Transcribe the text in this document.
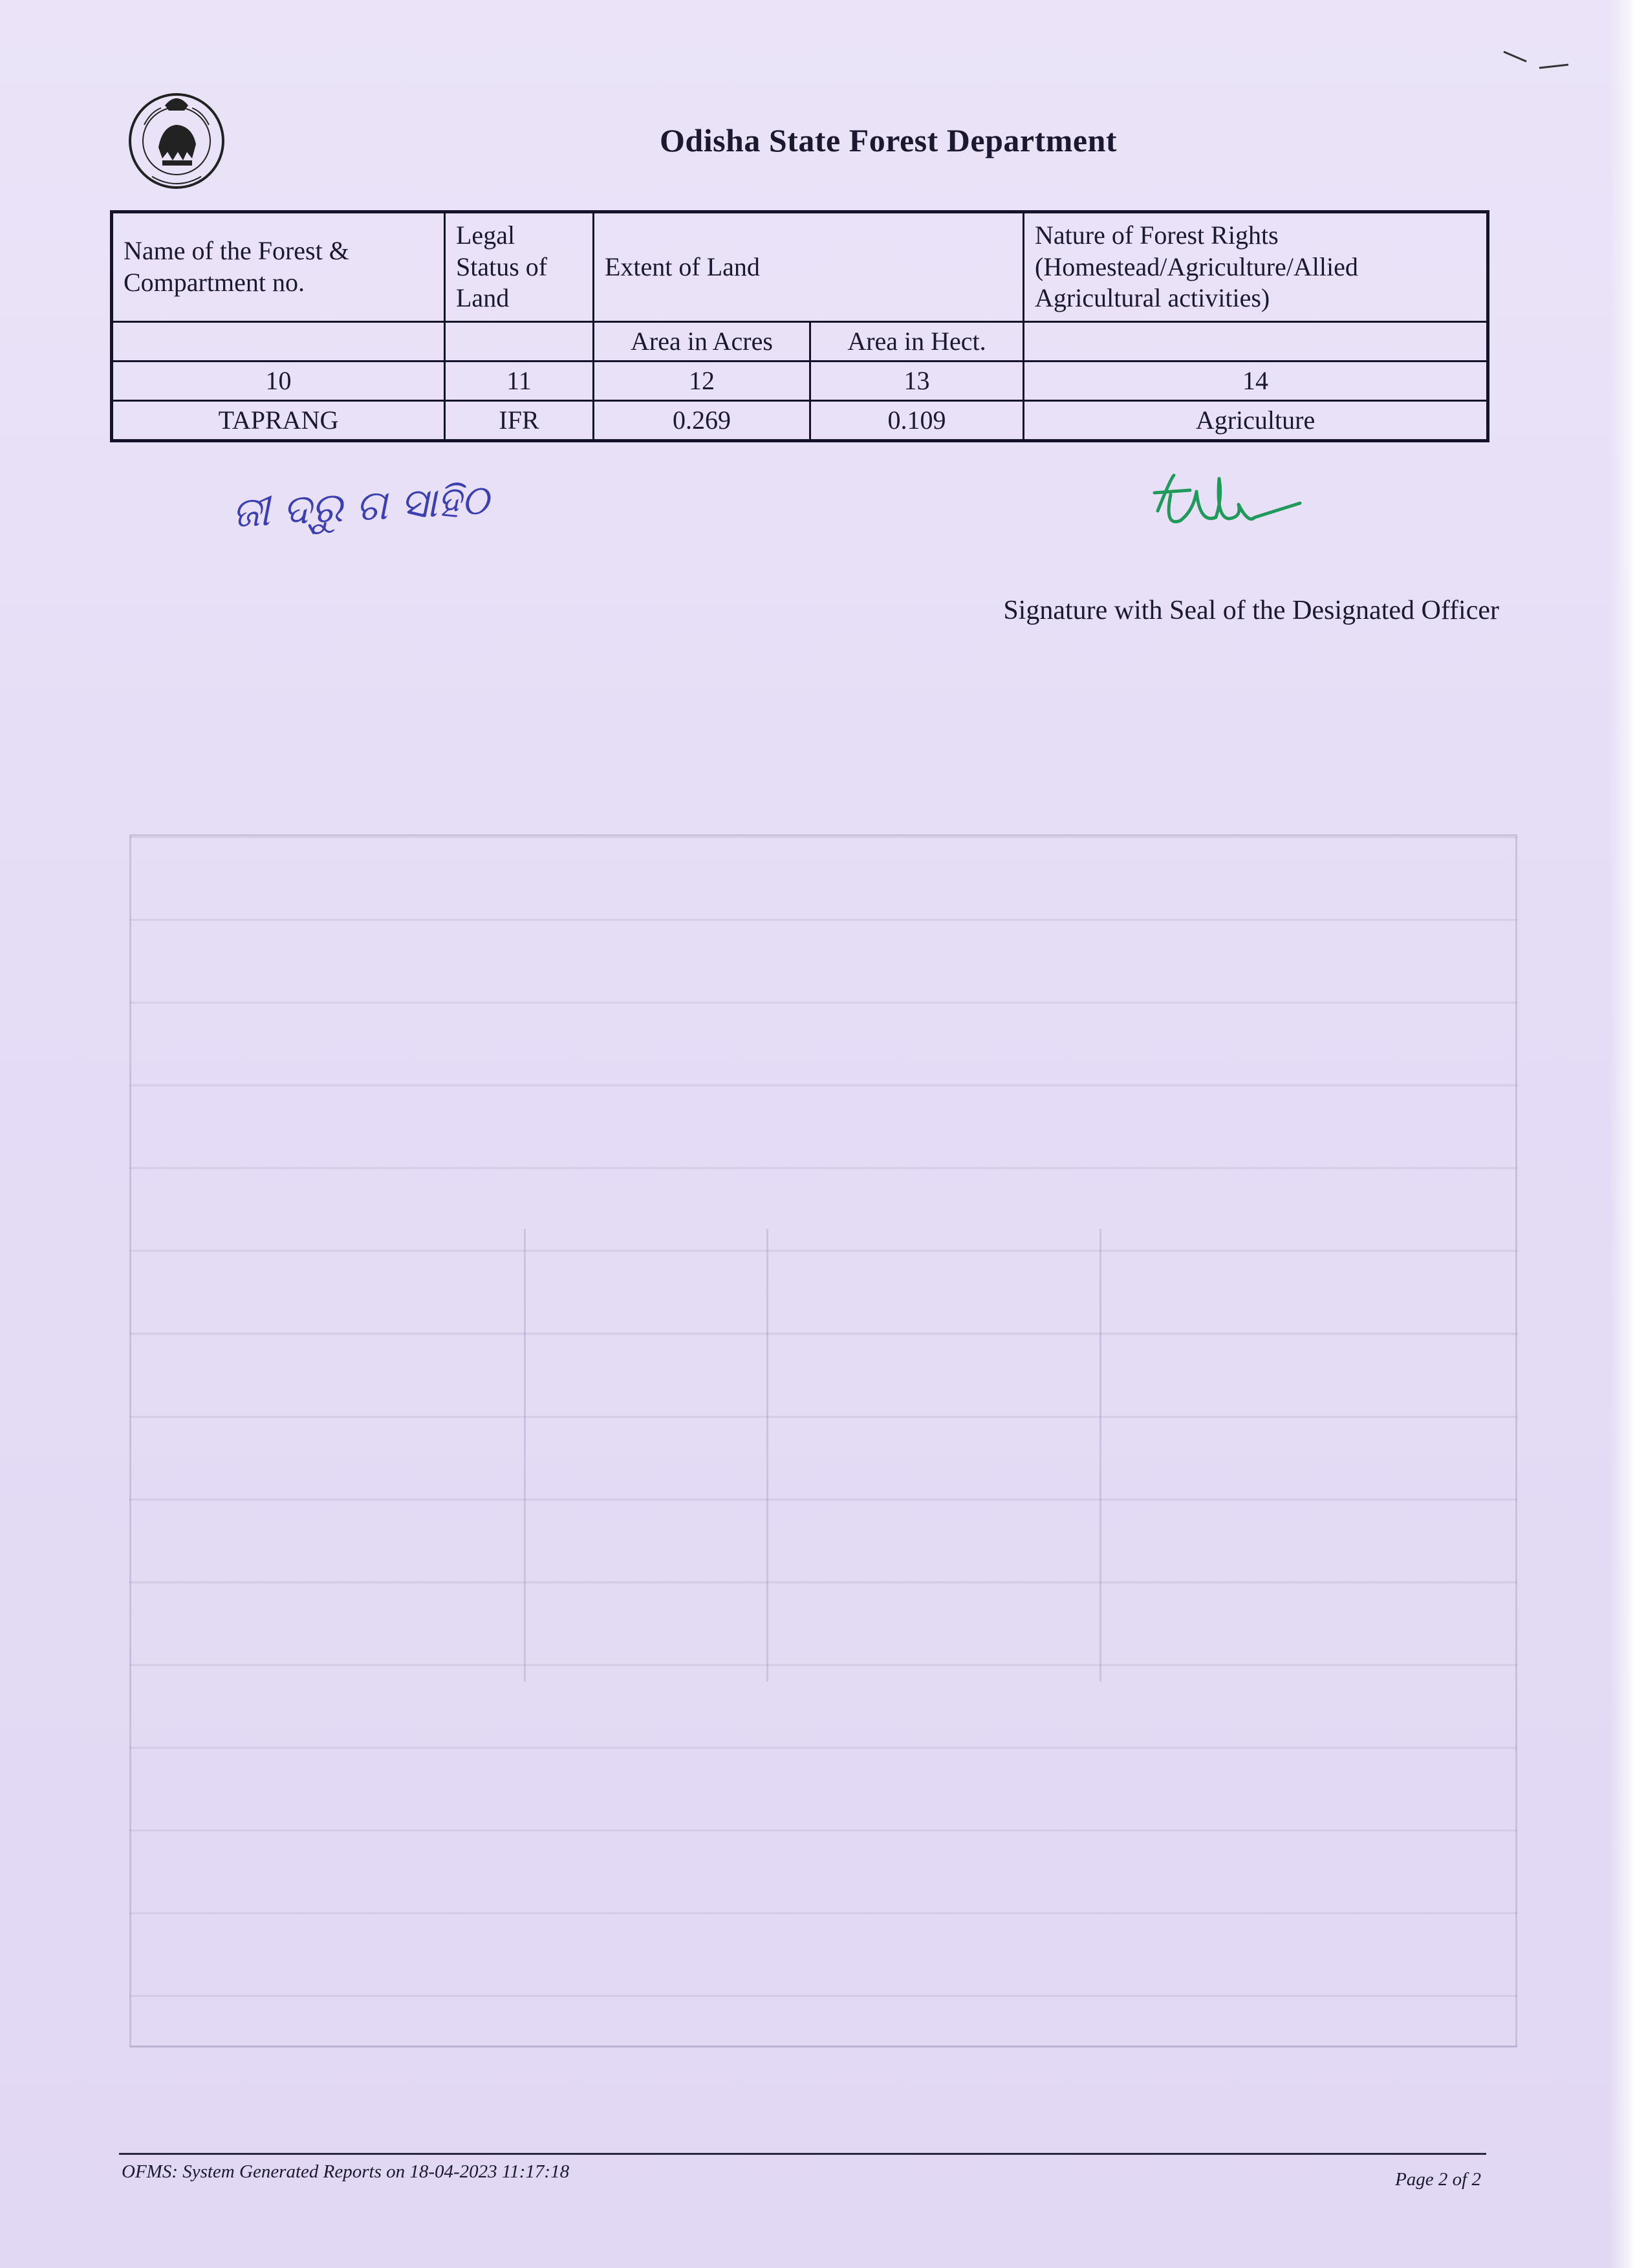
Odisha State Forest Department
Name of the Forest & Compartment no.	Legal Status of Land	Extent of Land		Nature of Forest Rights (Homestead/Agriculture/Allied Agricultural activities)
		Area in Acres	Area in Hect.	
10	11	12	13	14
TAPRANG	IFR	0.269	0.109	Agriculture
ଜୀ ଦ୍ରୁ ଗ ସାହିଠ
Signature with Seal of the Designated Officer
OFMS: System Generated Reports on 18-04-2023 11:17:18	Page 2 of 2
